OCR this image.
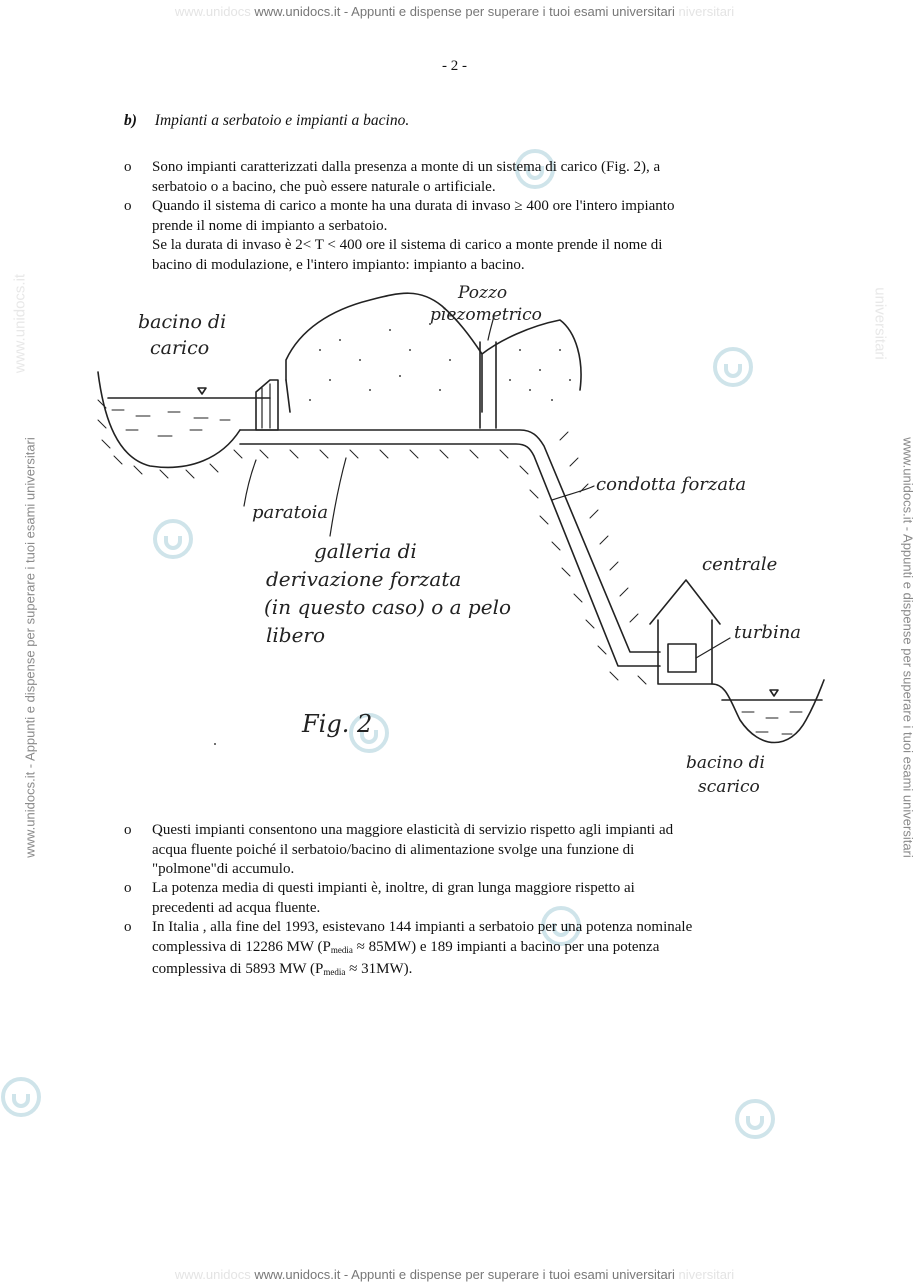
www.unidocs www.unidocs.it - Appunti e dispense per superare i tuoi esami universitari niversitari
www.unidocs.it	universitari
www.unidocs.it - Appunti e dispense per superare i tuoi esami universitari	www.unidocs.it - Appunti e dispense per superare i tuoi esami universitari
- 2 -
b) Impianti a serbatoio e impianti a bacino.
o Sono impianti caratterizzati dalla presenza a monte di un sistema di carico (Fig. 2), a
serbatoio o a bacino, che può essere naturale o artificiale.
o Quando il sistema di carico a monte ha una durata di invaso ≥ 400 ore l'intero impianto
prende il nome di impianto a serbatoio.
Se la durata di invaso è 2< T < 400 ore il sistema di carico a monte prende il nome di
bacino di modulazione, e l'intero impianto: impianto a bacino.
bacino di
carico
Pozzo
piezometrico
condotta forzata
paratoia
galleria di
derivazione forzata
(in questo caso) o a pelo
libero
centrale
turbina
bacino di
scarico
Fig. 2
o Questi impianti consentono una maggiore elasticità di servizio rispetto agli impianti ad
acqua fluente poiché il serbatoio/bacino di alimentazione svolge una funzione di
"polmone"di accumulo.
o La potenza media di questi impianti è, inoltre, di gran lunga maggiore rispetto ai
precedenti ad acqua fluente.
o In Italia , alla fine del 1993, esistevano 144 impianti a serbatoio per una potenza nominale
complessiva di 12286 MW $(P_{media} \approx 85MW)$ e 189 impianti a bacino per una potenza
complessiva di 5893 MW $(P_{media} \approx 31MW)$.
www.unidocs www.unidocs.it - Appunti e dispense per superare i tuoi esami universitari niversitari
